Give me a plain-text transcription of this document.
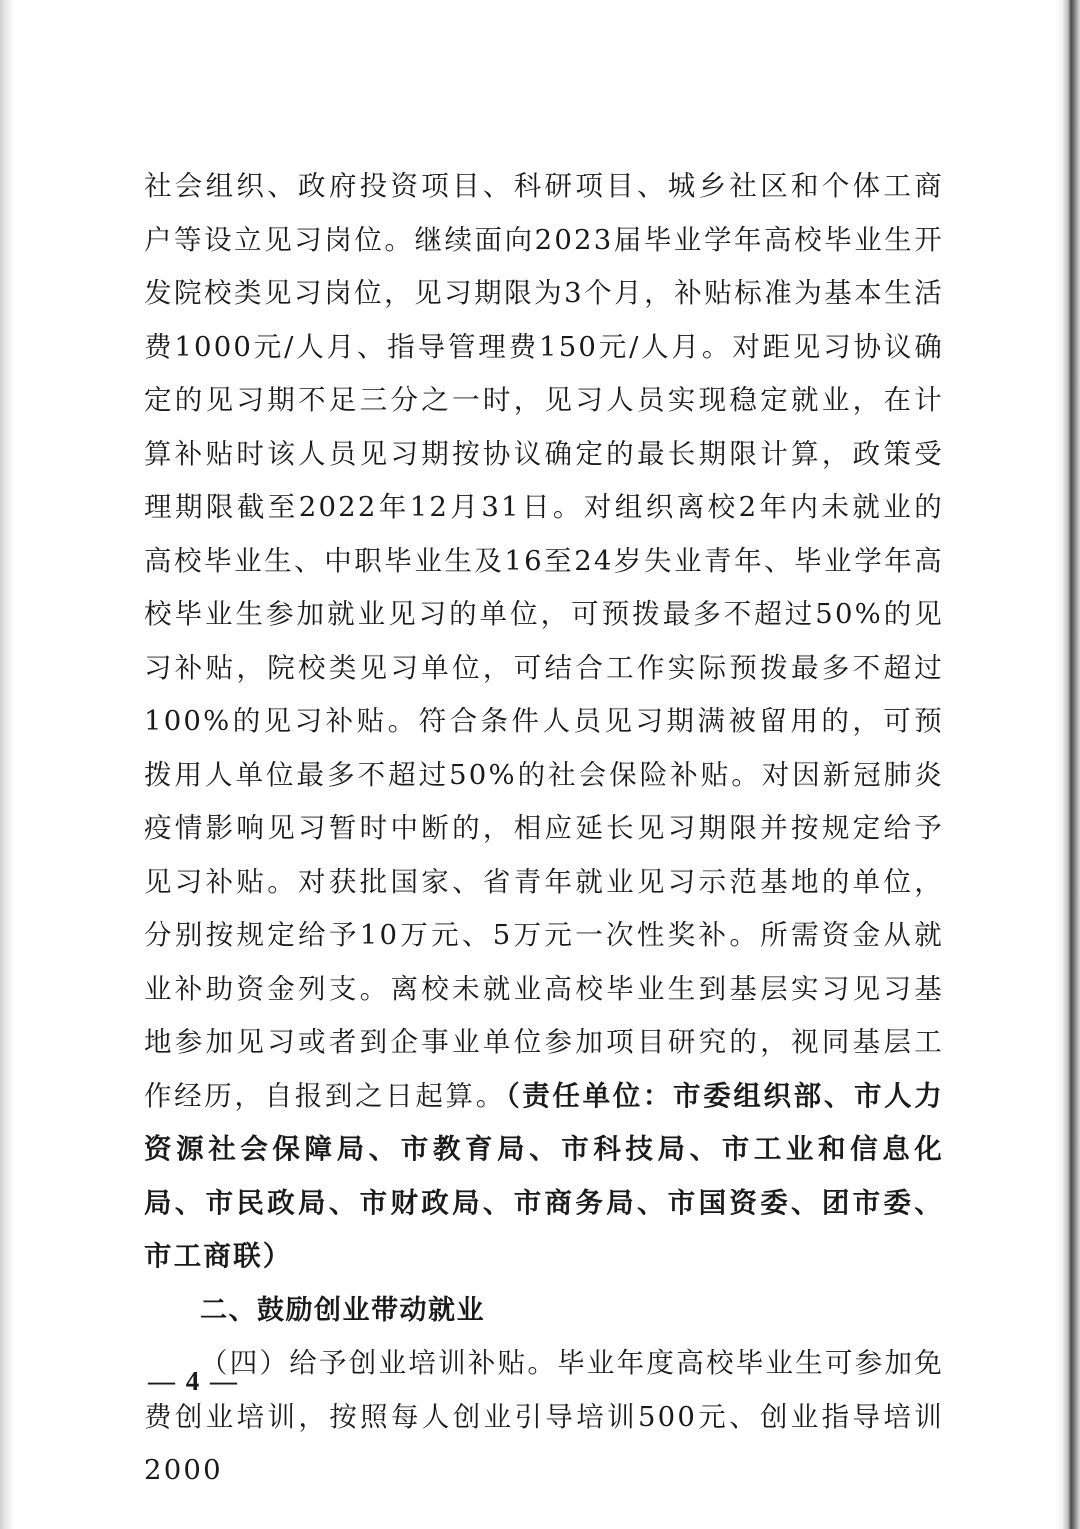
社会组织、政府投资项目、科研项目、城乡社区和个体工商户等设立见习岗位。继续面向2023届毕业学年高校毕业生开发院校类见习岗位，见习期限为3个月，补贴标准为基本生活费1000元/人月、指导管理费150元/人月。对距见习协议确定的见习期不足三分之一时，见习人员实现稳定就业，在计算补贴时该人员见习期按协议确定的最长期限计算，政策受理期限截至2022年12月31日。对组织离校2年内未就业的高校毕业生、中职毕业生及16至24岁失业青年、毕业学年高校毕业生参加就业见习的单位，可预拨最多不超过50%的见习补贴，院校类见习单位，可结合工作实际预拨最多不超过100%的见习补贴。符合条件人员见习期满被留用的，可预拨用人单位最多不超过50%的社会保险补贴。对因新冠肺炎疫情影响见习暂时中断的，相应延长见习期限并按规定给予见习补贴。对获批国家、省青年就业见习示范基地的单位，分别按规定给予10万元、5万元一次性奖补。所需资金从就业补助资金列支。离校未就业高校毕业生到基层实习见习基地参加见习或者到企事业单位参加项目研究的，视同基层工作经历，自报到之日起算。（责任单位：市委组织部、市人力资源社会保障局、市教育局、市科技局、市工业和信息化局、市民政局、市财政局、市商务局、市国资委、团市委、市工商联）

二、鼓励创业带动就业

（四）给予创业培训补贴。毕业年度高校毕业生可参加免费创业培训，按照每人创业引导培训500元、创业指导培训2000

— 4 —
